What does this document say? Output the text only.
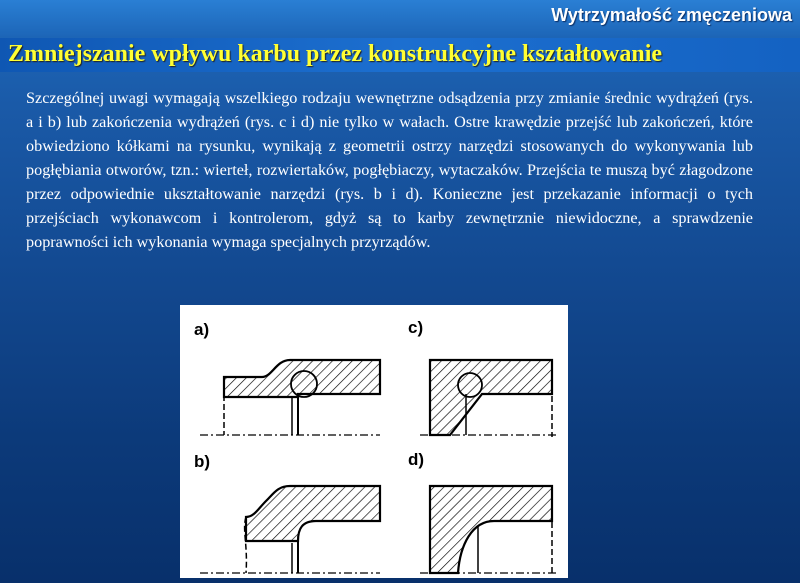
Wytrzymałość zmęczeniowa
Zmniejszanie wpływu karbu przez konstrukcyjne kształtowanie

Szczególnej uwagi wymagają wszelkiego rodzaju wewnętrzne odsądzenia przy zmianie średnic wydrążeń (rys. a i b) lub zakończenia wydrążeń (rys. c i d) nie tylko w wałach. Ostre krawędzie przejść lub zakończeń, które obwiedziono kółkami na rysunku, wynikają z geometrii ostrzy narzędzi stosowanych do wykonywania lub pogłębiania otworów, tzn.: wierteł, rozwiertaków, pogłębiaczy, wytaczaków. Przejścia te muszą być złagodzone przez odpowiednie ukształtowanie narzędzi (rys. b i d). Konieczne jest przekazanie informacji o tych przejściach wykonawcom i kontrolerom, gdyż są to karby zewnętrznie niewidoczne, a sprawdzenie poprawności ich wykonania wymaga specjalnych przyrządów.

a)	c)
b)	d)
